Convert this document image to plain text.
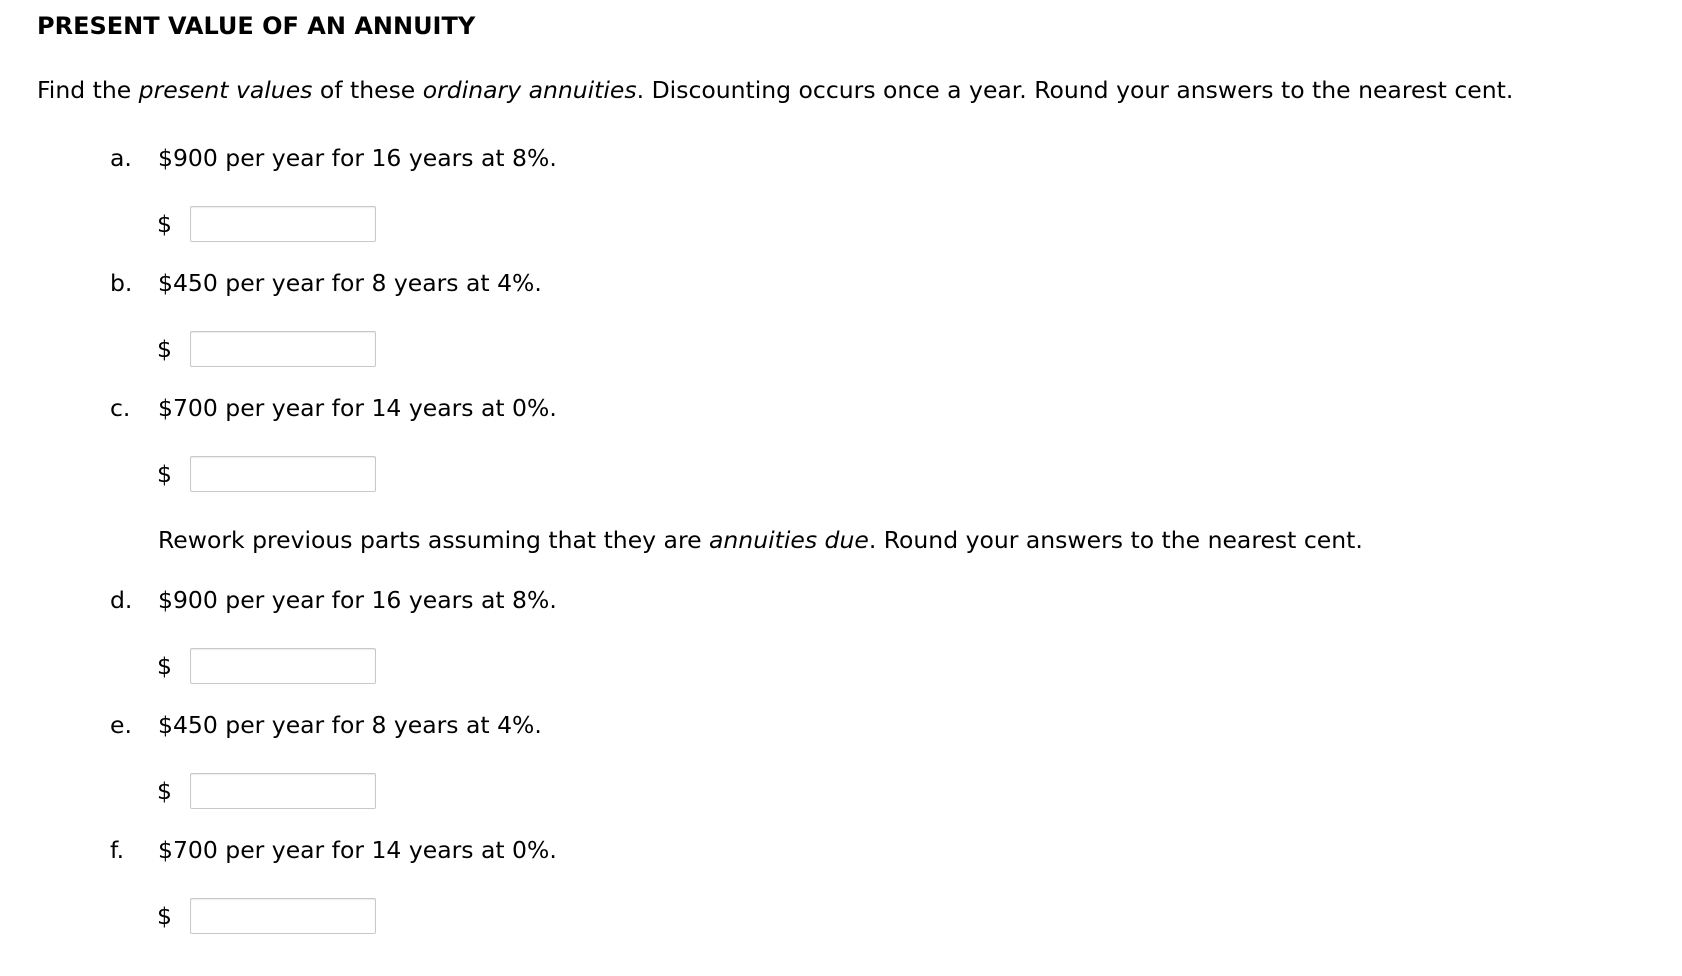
PRESENT VALUE OF AN ANNUITY

Find the present values of these ordinary annuities. Discounting occurs once a year. Round your answers to the nearest cent.

a.	$900 per year for 16 years at 8%.
$
b.	$450 per year for 8 years at 4%.
$
c.	$700 per year for 14 years at 0%.
$
Rework previous parts assuming that they are annuities due. Round your answers to the nearest cent.
d.	$900 per year for 16 years at 8%.
$
e.	$450 per year for 8 years at 4%.
$
f.	$700 per year for 14 years at 0%.
$
